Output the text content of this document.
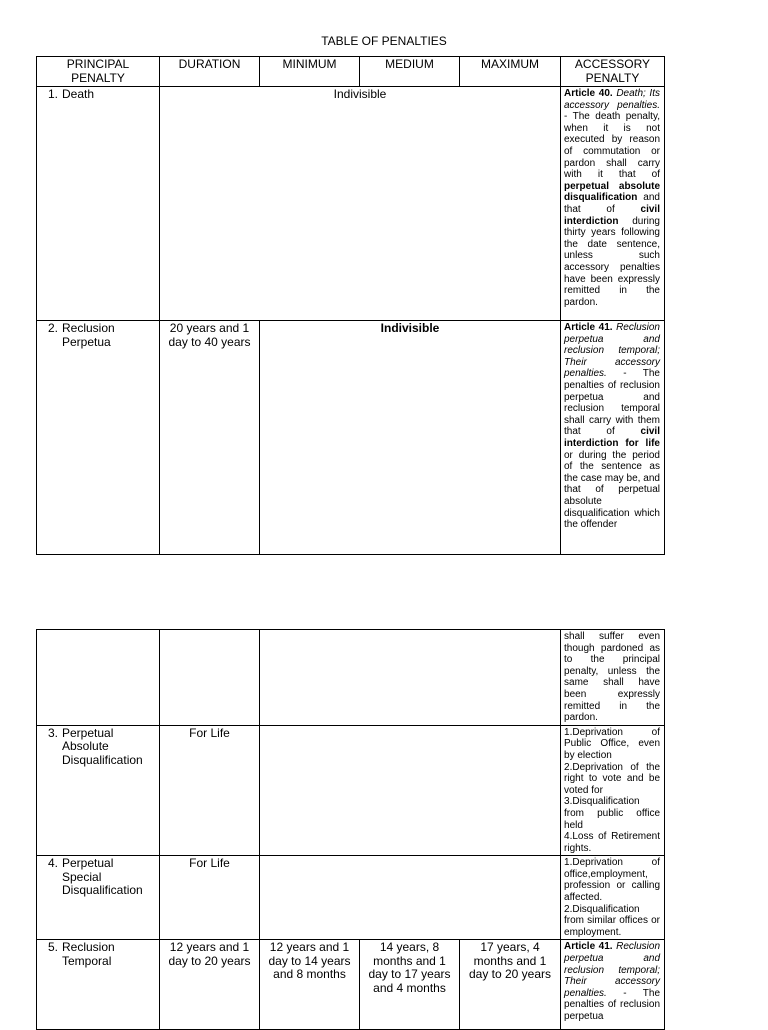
TABLE OF PENALTIES
PRINCIPAL PENALTY	DURATION	MINIMUM	MEDIUM	MAXIMUM	ACCESSORY PENALTY
1. Death	Indivisible				Article 40. Death; Its accessory penalties. - The death penalty, when it is not executed by reason of commutation or pardon shall carry with it that of perpetual absolute disqualification and that of civil interdiction during thirty years following the date sentence, unless such accessory penalties have been expressly remitted in the pardon.
2. Reclusion Perpetua	20 years and 1 day to 40 years	Indivisible			Article 41. Reclusion perpetua and reclusion temporal; Their accessory penalties. - The penalties of reclusion perpetua and reclusion temporal shall carry with them that of civil interdiction for life or during the period of the sentence as the case may be, and that of perpetual absolute disqualification which the offender
					shall suffer even though pardoned as to the principal penalty, unless the same shall have been expressly remitted in the pardon.
3. Perpetual Absolute Disqualification	For Life				1.Deprivation of Public Office, even by election
2.Deprivation of the right to vote and be voted for
3.Disqualification from public office held
4.Loss of Retirement rights.

4. Perpetual Special Disqualification	For Life				1.Deprivation of office,employment, profession or calling affected.
2.Disqualification from similar offices or employment.

5. Reclusion Temporal	12 years and 1 day to 20 years	12 years and 1 day to 14 years and 8 months	14 years, 8 months and 1 day to 17 years and 4 months	17 years, 4 months and 1 day to 20 years	Article 41. Reclusion perpetua and reclusion temporal; Their accessory penalties. - The penalties of reclusion perpetua
